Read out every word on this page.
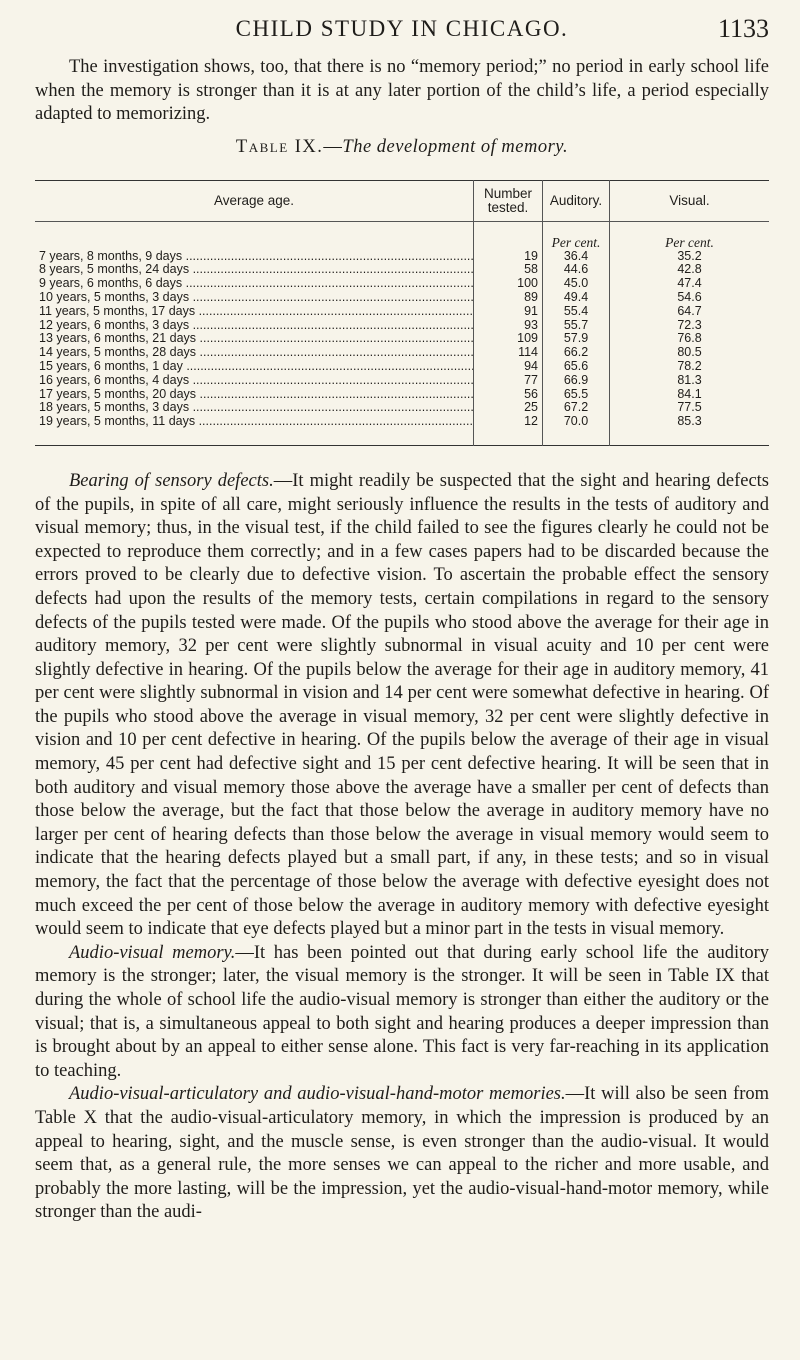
CHILD STUDY IN CHICAGO.	1133

The investigation shows, too, that there is no “memory period;” no period in early school life when the memory is stronger than it is at any later portion of the child’s life, a period especially adapted to memorizing.

Table IX.—The development of memory.
Average age.	Number tested.	Auditory.	Visual.
		Per cent.	Per cent.
7 years, 8 months, 9 days .....	19	36.4	35.2
8 years, 5 months, 24 days .....	58	44.6	42.8
9 years, 6 months, 6 days .....	100	45.0	47.4
10 years, 5 months, 3 days .....	89	49.4	54.6
11 years, 5 months, 17 days .....	91	55.4	64.7
12 years, 6 months, 3 days .....	93	55.7	72.3
13 years, 6 months, 21 days .....	109	57.9	76.8
14 years, 5 months, 28 days .....	114	66.2	80.5
15 years, 6 months, 1 day .....	94	65.6	78.2
16 years, 6 months, 4 days .....	77	66.9	81.3
17 years, 5 months, 20 days .....	56	65.5	84.1
18 years, 5 months, 3 days .....	25	67.2	77.5
19 years, 5 months, 11 days .....	12	70.0	85.3

Bearing of sensory defects.—It might readily be suspected that the sight and hearing defects of the pupils, in spite of all care, might seriously influence the results in the tests of auditory and visual memory; thus, in the visual test, if the child failed to see the figures clearly he could not be expected to reproduce them correctly; and in a few cases papers had to be discarded because the errors proved to be clearly due to defective vision. To ascertain the probable effect the sensory defects had upon the results of the memory tests, certain compilations in regard to the sensory defects of the pupils tested were made. Of the pupils who stood above the average for their age in auditory memory, 32 per cent were slightly subnormal in visual acuity and 10 per cent were slightly defective in hearing. Of the pupils below the average for their age in auditory memory, 41 per cent were slightly subnormal in vision and 14 per cent were somewhat defective in hearing. Of the pupils who stood above the average in visual memory, 32 per cent were slightly defective in vision and 10 per cent defective in hearing. Of the pupils below the average of their age in visual memory, 45 per cent had defective sight and 15 per cent defective hearing. It will be seen that in both auditory and visual memory those above the average have a smaller per cent of defects than those below the average, but the fact that those below the average in auditory memory have no larger per cent of hearing defects than those below the average in visual memory would seem to indicate that the hearing defects played but a small part, if any, in these tests; and so in visual memory, the fact that the percentage of those below the average with defective eyesight does not much exceed the per cent of those below the average in auditory memory with defective eyesight would seem to indicate that eye defects played but a minor part in the tests in visual memory.

Audio-visual memory.—It has been pointed out that during early school life the auditory memory is the stronger; later, the visual memory is the stronger. It will be seen in Table IX that during the whole of school life the audio-visual memory is stronger than either the auditory or the visual; that is, a simultaneous appeal to both sight and hearing produces a deeper impression than is brought about by an appeal to either sense alone. This fact is very far-reaching in its application to teaching.

Audio-visual-articulatory and audio-visual-hand-motor memories.—It will also be seen from Table X that the audio-visual-articulatory memory, in which the impression is produced by an appeal to hearing, sight, and the muscle sense, is even stronger than the audio-visual. It would seem that, as a general rule, the more senses we can appeal to the richer and more usable, and probably the more lasting, will be the impression, yet the audio-visual-hand-motor memory, while stronger than the audi-
